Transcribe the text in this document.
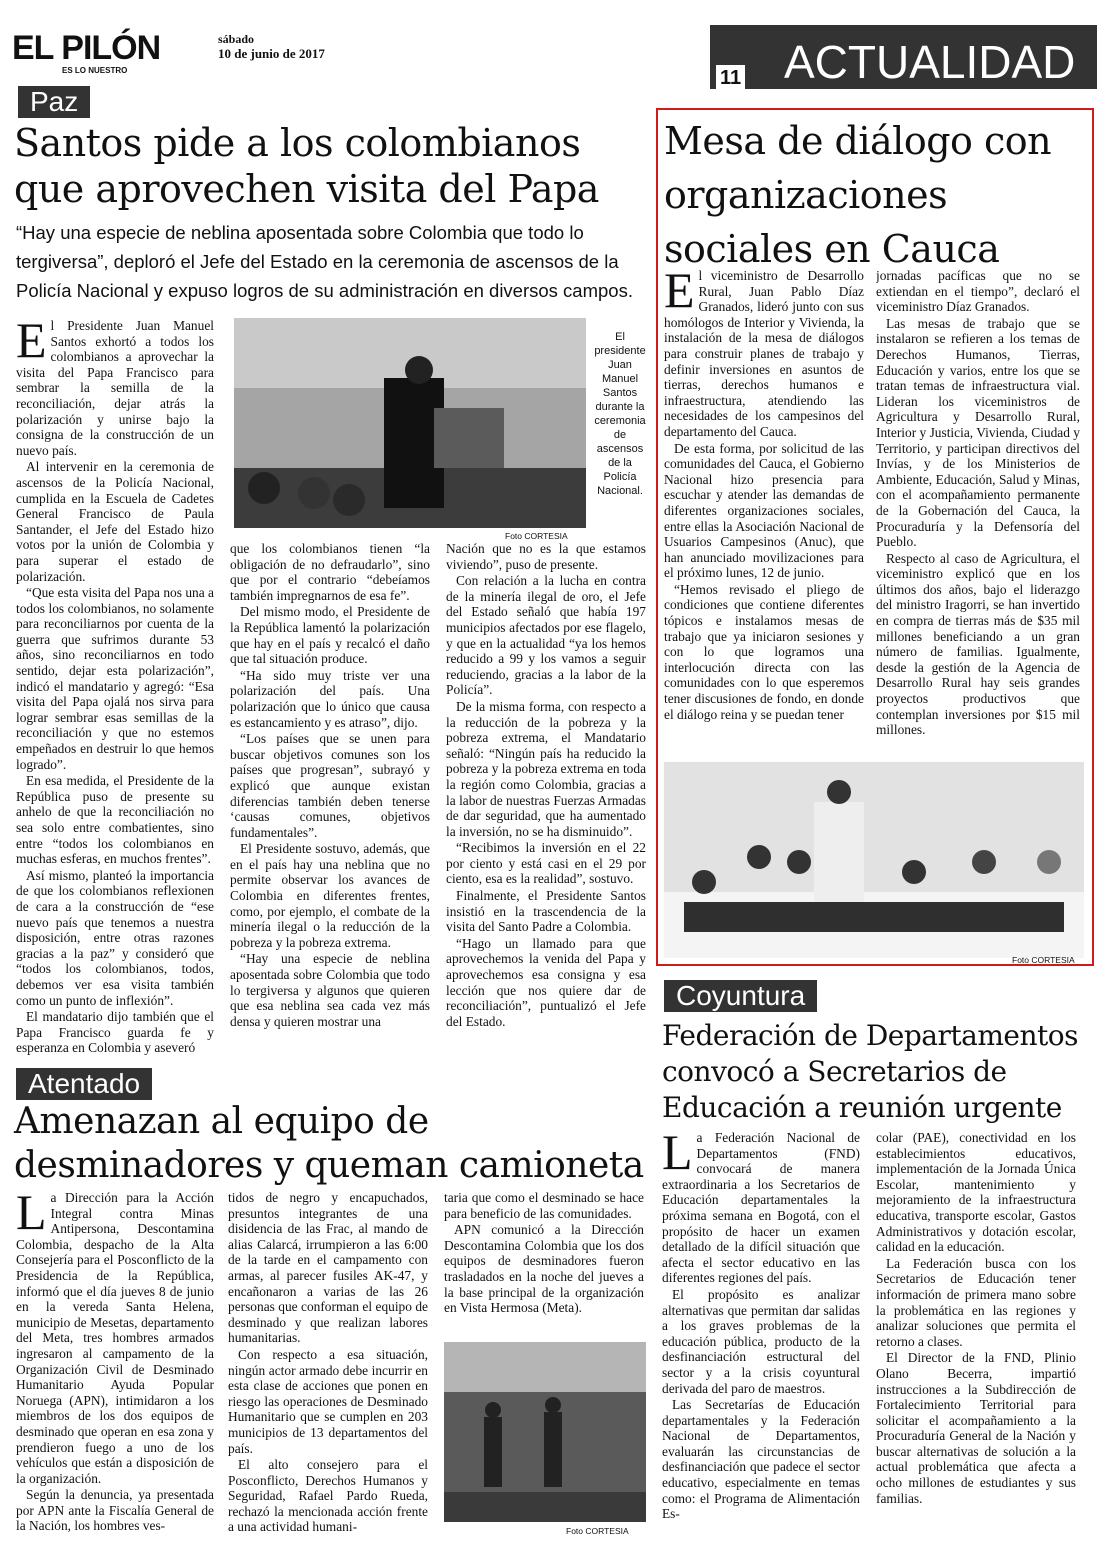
EL PILÓN
ES LO NUESTRO
sábado
10 de junio de 2017
11 ACTUALIDAD
Paz
Santos pide a los colombianos que aprovechen visita del Papa
“Hay una especie de neblina aposentada sobre Colombia que todo lo tergiversa”, deploró el Jefe del Estado en la ceremonia de ascensos de la Policía Nacional y expuso logros de su administración en diversos campos.
El presidente Juan Manuel Santos durante la ceremonia de ascensos de la Policía Nacional.
Foto CORTESIA

El Presidente Juan Manuel Santos exhortó a todos los colombianos a aprovechar la visita del Papa Francisco para sembrar la semilla de la reconciliación, dejar atrás la polarización y unirse bajo la consigna de la construcción de un nuevo país.

Al intervenir en la ceremonia de ascensos de la Policía Nacional, cumplida en la Escuela de Cadetes General Francisco de Paula Santander, el Jefe del Estado hizo votos por la unión de Colombia y para superar el estado de polarización.

“Que esta visita del Papa nos una a todos los colombianos, no solamente para reconciliarnos por cuenta de la guerra que sufrimos durante 53 años, sino reconciliarnos en todo sentido, dejar esta polarización”, indicó el mandatario y agregó: “Esa visita del Papa ojalá nos sirva para lograr sembrar esas semillas de la reconciliación y que no estemos empeñados en destruir lo que hemos logrado”.

En esa medida, el Presidente de la República puso de presente su anhelo de que la reconciliación no sea solo entre combatientes, sino entre “todos los colombianos en muchas esferas, en muchos frentes”.

Así mismo, planteó la importancia de que los colombianos reflexionen de cara a la construcción de “ese nuevo país que tenemos a nuestra disposición, entre otras razones gracias a la paz” y consideró que “todos los colombianos, todos, debemos ver esa visita también como un punto de inflexión”.

El mandatario dijo también que el Papa Francisco guarda fe y esperanza en Colombia y aseveró

que los colombianos tienen “la obligación de no defraudarlo”, sino que por el contrario “debeíamos también impregnarnos de esa fe”.

Del mismo modo, el Presidente de la República lamentó la polarización que hay en el país y recalcó el daño que tal situación produce.

“Ha sido muy triste ver una polarización del país. Una polarización que lo único que causa es estancamiento y es atraso”, dijo.

“Los países que se unen para buscar objetivos comunes son los países que progresan”, subrayó y explicó que aunque existan diferencias también deben tenerse ‘causas comunes, objetivos fundamentales”.

El Presidente sostuvo, además, que en el país hay una neblina que no permite observar los avances de Colombia en diferentes frentes, como, por ejemplo, el combate de la minería ilegal o la reducción de la pobreza y la pobreza extrema.

“Hay una especie de neblina aposentada sobre Colombia que todo lo tergiversa y algunos que quieren que esa neblina sea cada vez más densa y quieren mostrar una

Nación que no es la que estamos viviendo”, puso de presente.

Con relación a la lucha en contra de la minería ilegal de oro, el Jefe del Estado señaló que había 197 municipios afectados por ese flagelo, y que en la actualidad “ya los hemos reducido a 99 y los vamos a seguir reduciendo, gracias a la labor de la Policía”.

De la misma forma, con respecto a la reducción de la pobreza y la pobreza extrema, el Mandatario señaló: “Ningún país ha reducido la pobreza y la pobreza extrema en toda la región como Colombia, gracias a la labor de nuestras Fuerzas Armadas de dar seguridad, que ha aumentado la inversión, no se ha disminuido”.

“Recibimos la inversión en el 22 por ciento y está casi en el 29 por ciento, esa es la realidad”, sostuvo.

Finalmente, el Presidente Santos insistió en la trascendencia de la visita del Santo Padre a Colombia.

“Hago un llamado para que aprovechemos la venida del Papa y aprovechemos esa consigna y esa lección que nos quiere dar de reconciliación”, puntualizó el Jefe del Estado.

Mesa de diálogo con organizaciones sociales en Cauca

El viceministro de Desarrollo Rural, Juan Pablo Díaz Granados, lideró junto con sus homólogos de Interior y Vivienda, la instalación de la mesa de diálogos para construir planes de trabajo y definir inversiones en asuntos de tierras, derechos humanos e infraestructura, atendiendo las necesidades de los campesinos del departamento del Cauca.

De esta forma, por solicitud de las comunidades del Cauca, el Gobierno Nacional hizo presencia para escuchar y atender las demandas de diferentes organizaciones sociales, entre ellas la Asociación Nacional de Usuarios Campesinos (Anuc), que han anunciado movilizaciones para el próximo lunes, 12 de junio.

“Hemos revisado el pliego de condiciones que contiene diferentes tópicos e instalamos mesas de trabajo que ya iniciaron sesiones y con lo que logramos una interlocución directa con las comunidades con lo que esperemos tener discusiones de fondo, en donde el diálogo reina y se puedan tener

jornadas pacíficas que no se extiendan en el tiempo”, declaró el viceministro Díaz Granados.

Las mesas de trabajo que se instalaron se refieren a los temas de Derechos Humanos, Tierras, Educación y varios, entre los que se tratan temas de infraestructura vial. Lideran los viceministros de Agricultura y Desarrollo Rural, Interior y Justicia, Vivienda, Ciudad y Territorio, y participan directivos del Invías, y de los Ministerios de Ambiente, Educación, Salud y Minas, con el acompañamiento permanente de la Gobernación del Cauca, la Procuraduría y la Defensoría del Pueblo.

Respecto al caso de Agricultura, el viceministro explicó que en los últimos dos años, bajo el liderazgo del ministro Iragorri, se han invertido en compra de tierras más de $35 mil millones beneficiando a un gran número de familias. Igualmente, desde la gestión de la Agencia de Desarrollo Rural hay seis grandes proyectos productivos que contemplan inversiones por $15 mil millones.

Foto CORTESIA
Coyuntura
Federación de Departamentos convocó a Secretarios de Educación a reunión urgente

La Federación Nacional de Departamentos (FND) convocará de manera extraordinaria a los Secretarios de Educación departamentales la próxima semana en Bogotá, con el propósito de hacer un examen detallado de la difícil situación que afecta el sector educativo en las diferentes regiones del país.

El propósito es analizar alternativas que permitan dar salidas a los graves problemas de la educación pública, producto de la desfinanciación estructural del sector y a la crisis coyuntural derivada del paro de maestros.

Las Secretarías de Educación departamentales y la Federación Nacional de Departamentos, evaluarán las circunstancias de desfinanciación que padece el sector educativo, especialmente en temas como: el Programa de Alimentación Es-

colar (PAE), conectividad en los establecimientos educativos, implementación de la Jornada Única Escolar, mantenimiento y mejoramiento de la infraestructura educativa, transporte escolar, Gastos Administrativos y dotación escolar, calidad en la educación.

La Federación busca con los Secretarios de Educación tener información de primera mano sobre la problemática en las regiones y analizar soluciones que permita el retorno a clases.

El Director de la FND, Plinio Olano Becerra, impartió instrucciones a la Subdirección de Fortalecimiento Territorial para solicitar el acompañamiento a la Procuraduría General de la Nación y buscar alternativas de solución a la actual problemática que afecta a ocho millones de estudiantes y sus familias.

Atentado
Amenazan al equipo de desminadores y queman camioneta

La Dirección para la Acción Integral contra Minas Antipersona, Descontamina Colombia, despacho de la Alta Consejería para el Posconflicto de la Presidencia de la República, informó que el día jueves 8 de junio en la vereda Santa Helena, municipio de Mesetas, departamento del Meta, tres hombres armados ingresaron al campamento de la Organización Civil de Desminado Humanitario Ayuda Popular Noruega (APN), intimidaron a los miembros de los dos equipos de desminado que operan en esa zona y prendieron fuego a uno de los vehículos que están a disposición de la organización.

Según la denuncia, ya presentada por APN ante la Fiscalía General de la Nación, los hombres ves-

tidos de negro y encapuchados, presuntos integrantes de una disidencia de las Frac, al mando de alias Calarcá, irrumpieron a las 6:00 de la tarde en el campamento con armas, al parecer fusiles AK-47, y encañonaron a varias de las 26 personas que conforman el equipo de desminado y que realizan labores humanitarias.

Con respecto a esa situación, ningún actor armado debe incurrir en esta clase de acciones que ponen en riesgo las operaciones de Desminado Humanitario que se cumplen en 203 municipios de 13 departamentos del país.

El alto consejero para el Posconflicto, Derechos Humanos y Seguridad, Rafael Pardo Rueda, rechazó la mencionada acción frente a una actividad humani-

taria que como el desminado se hace para beneficio de las comunidades.

APN comunicó a la Dirección Descontamina Colombia que los dos equipos de desminadores fueron trasladados en la noche del jueves a la base principal de la organización en Vista Hermosa (Meta).

Foto CORTESIA
